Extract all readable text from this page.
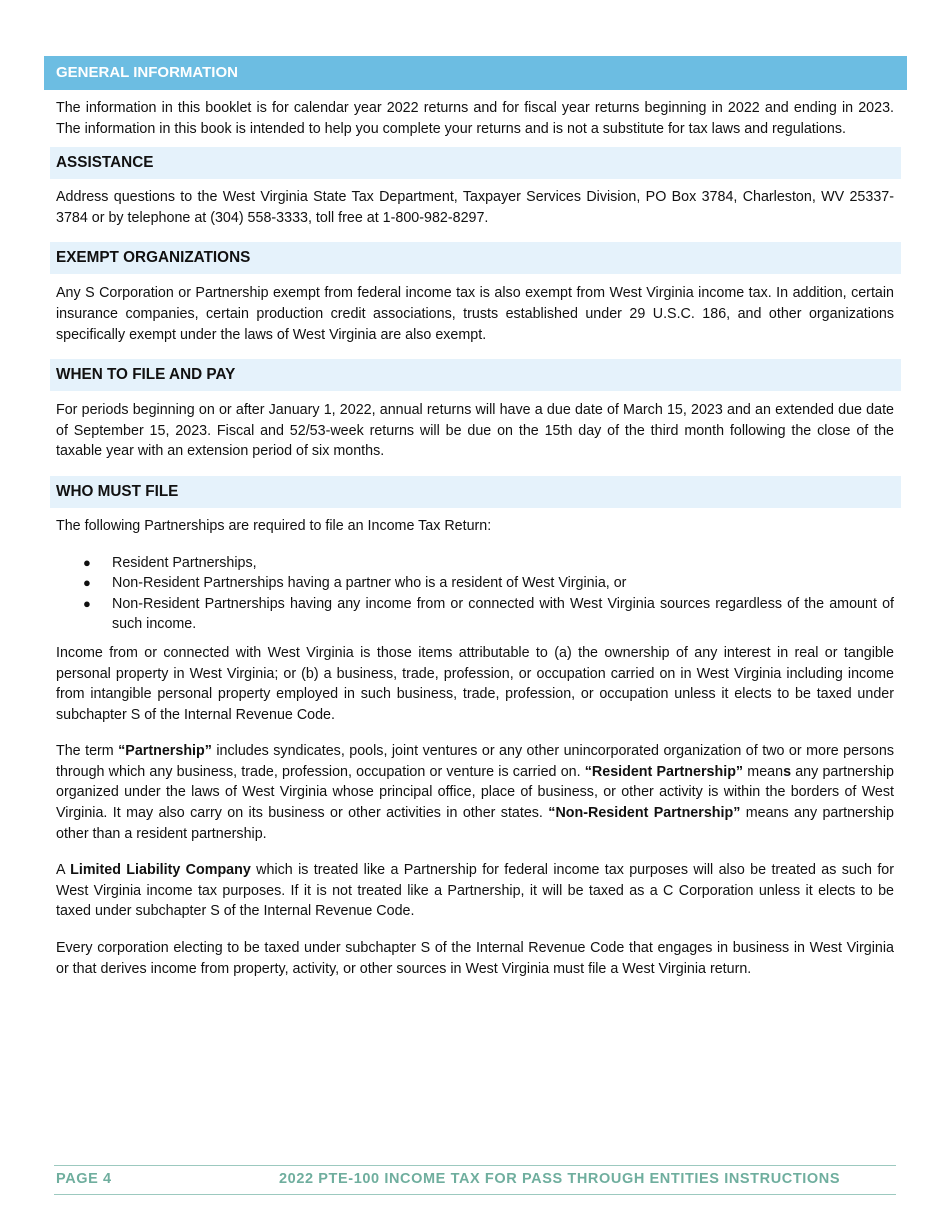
GENERAL INFORMATION

The information in this booklet is for calendar year 2022 returns and for fiscal year returns beginning in 2022 and ending in 2023. The information in this book is intended to help you complete your returns and is not a substitute for tax laws and regulations.

ASSISTANCE

Address questions to the West Virginia State Tax Department, Taxpayer Services Division, PO Box 3784, Charleston, WV 25337-3784 or by telephone at (304) 558-3333, toll free at 1-800-982-8297.

EXEMPT ORGANIZATIONS

Any S Corporation or Partnership exempt from federal income tax is also exempt from West Virginia income tax. In addition, certain insurance companies, certain production credit associations, trusts established under 29 U.S.C. 186, and other organizations specifically exempt under the laws of West Virginia are also exempt.

WHEN TO FILE AND PAY

For periods beginning on or after January 1, 2022, annual returns will have a due date of March 15, 2023 and an extended due date of September 15, 2023. Fiscal and 52/53-week returns will be due on the 15th day of the third month following the close of the taxable year with an extension period of six months.

WHO MUST FILE

The following Partnerships are required to file an Income Tax Return:

● Resident Partnerships,
● Non-Resident Partnerships having a partner who is a resident of West Virginia, or
● Non-Resident Partnerships having any income from or connected with West Virginia sources regardless of the amount of such income.

Income from or connected with West Virginia is those items attributable to (a) the ownership of any interest in real or tangible personal property in West Virginia; or (b) a business, trade, profession, or occupation carried on in West Virginia including income from intangible personal property employed in such business, trade, profession, or occupation unless it elects to be taxed under subchapter S of the Internal Revenue Code.

The term “Partnership” includes syndicates, pools, joint ventures or any other unincorporated organization of two or more persons through which any business, trade, profession, occupation or venture is carried on. “Resident Partnership” means any partnership organized under the laws of West Virginia whose principal office, place of business, or other activity is within the borders of West Virginia. It may also carry on its business or other activities in other states. “Non-Resident Partnership” means any partnership other than a resident partnership.

A Limited Liability Company which is treated like a Partnership for federal income tax purposes will also be treated as such for West Virginia income tax purposes. If it is not treated like a Partnership, it will be taxed as a C Corporation unless it elects to be taxed under subchapter S of the Internal Revenue Code.

Every corporation electing to be taxed under subchapter S of the Internal Revenue Code that engages in business in West Virginia or that derives income from property, activity, or other sources in West Virginia must file a West Virginia return.

PAGE 4	2022 PTE-100 INCOME TAX FOR PASS THROUGH ENTITIES INSTRUCTIONS
